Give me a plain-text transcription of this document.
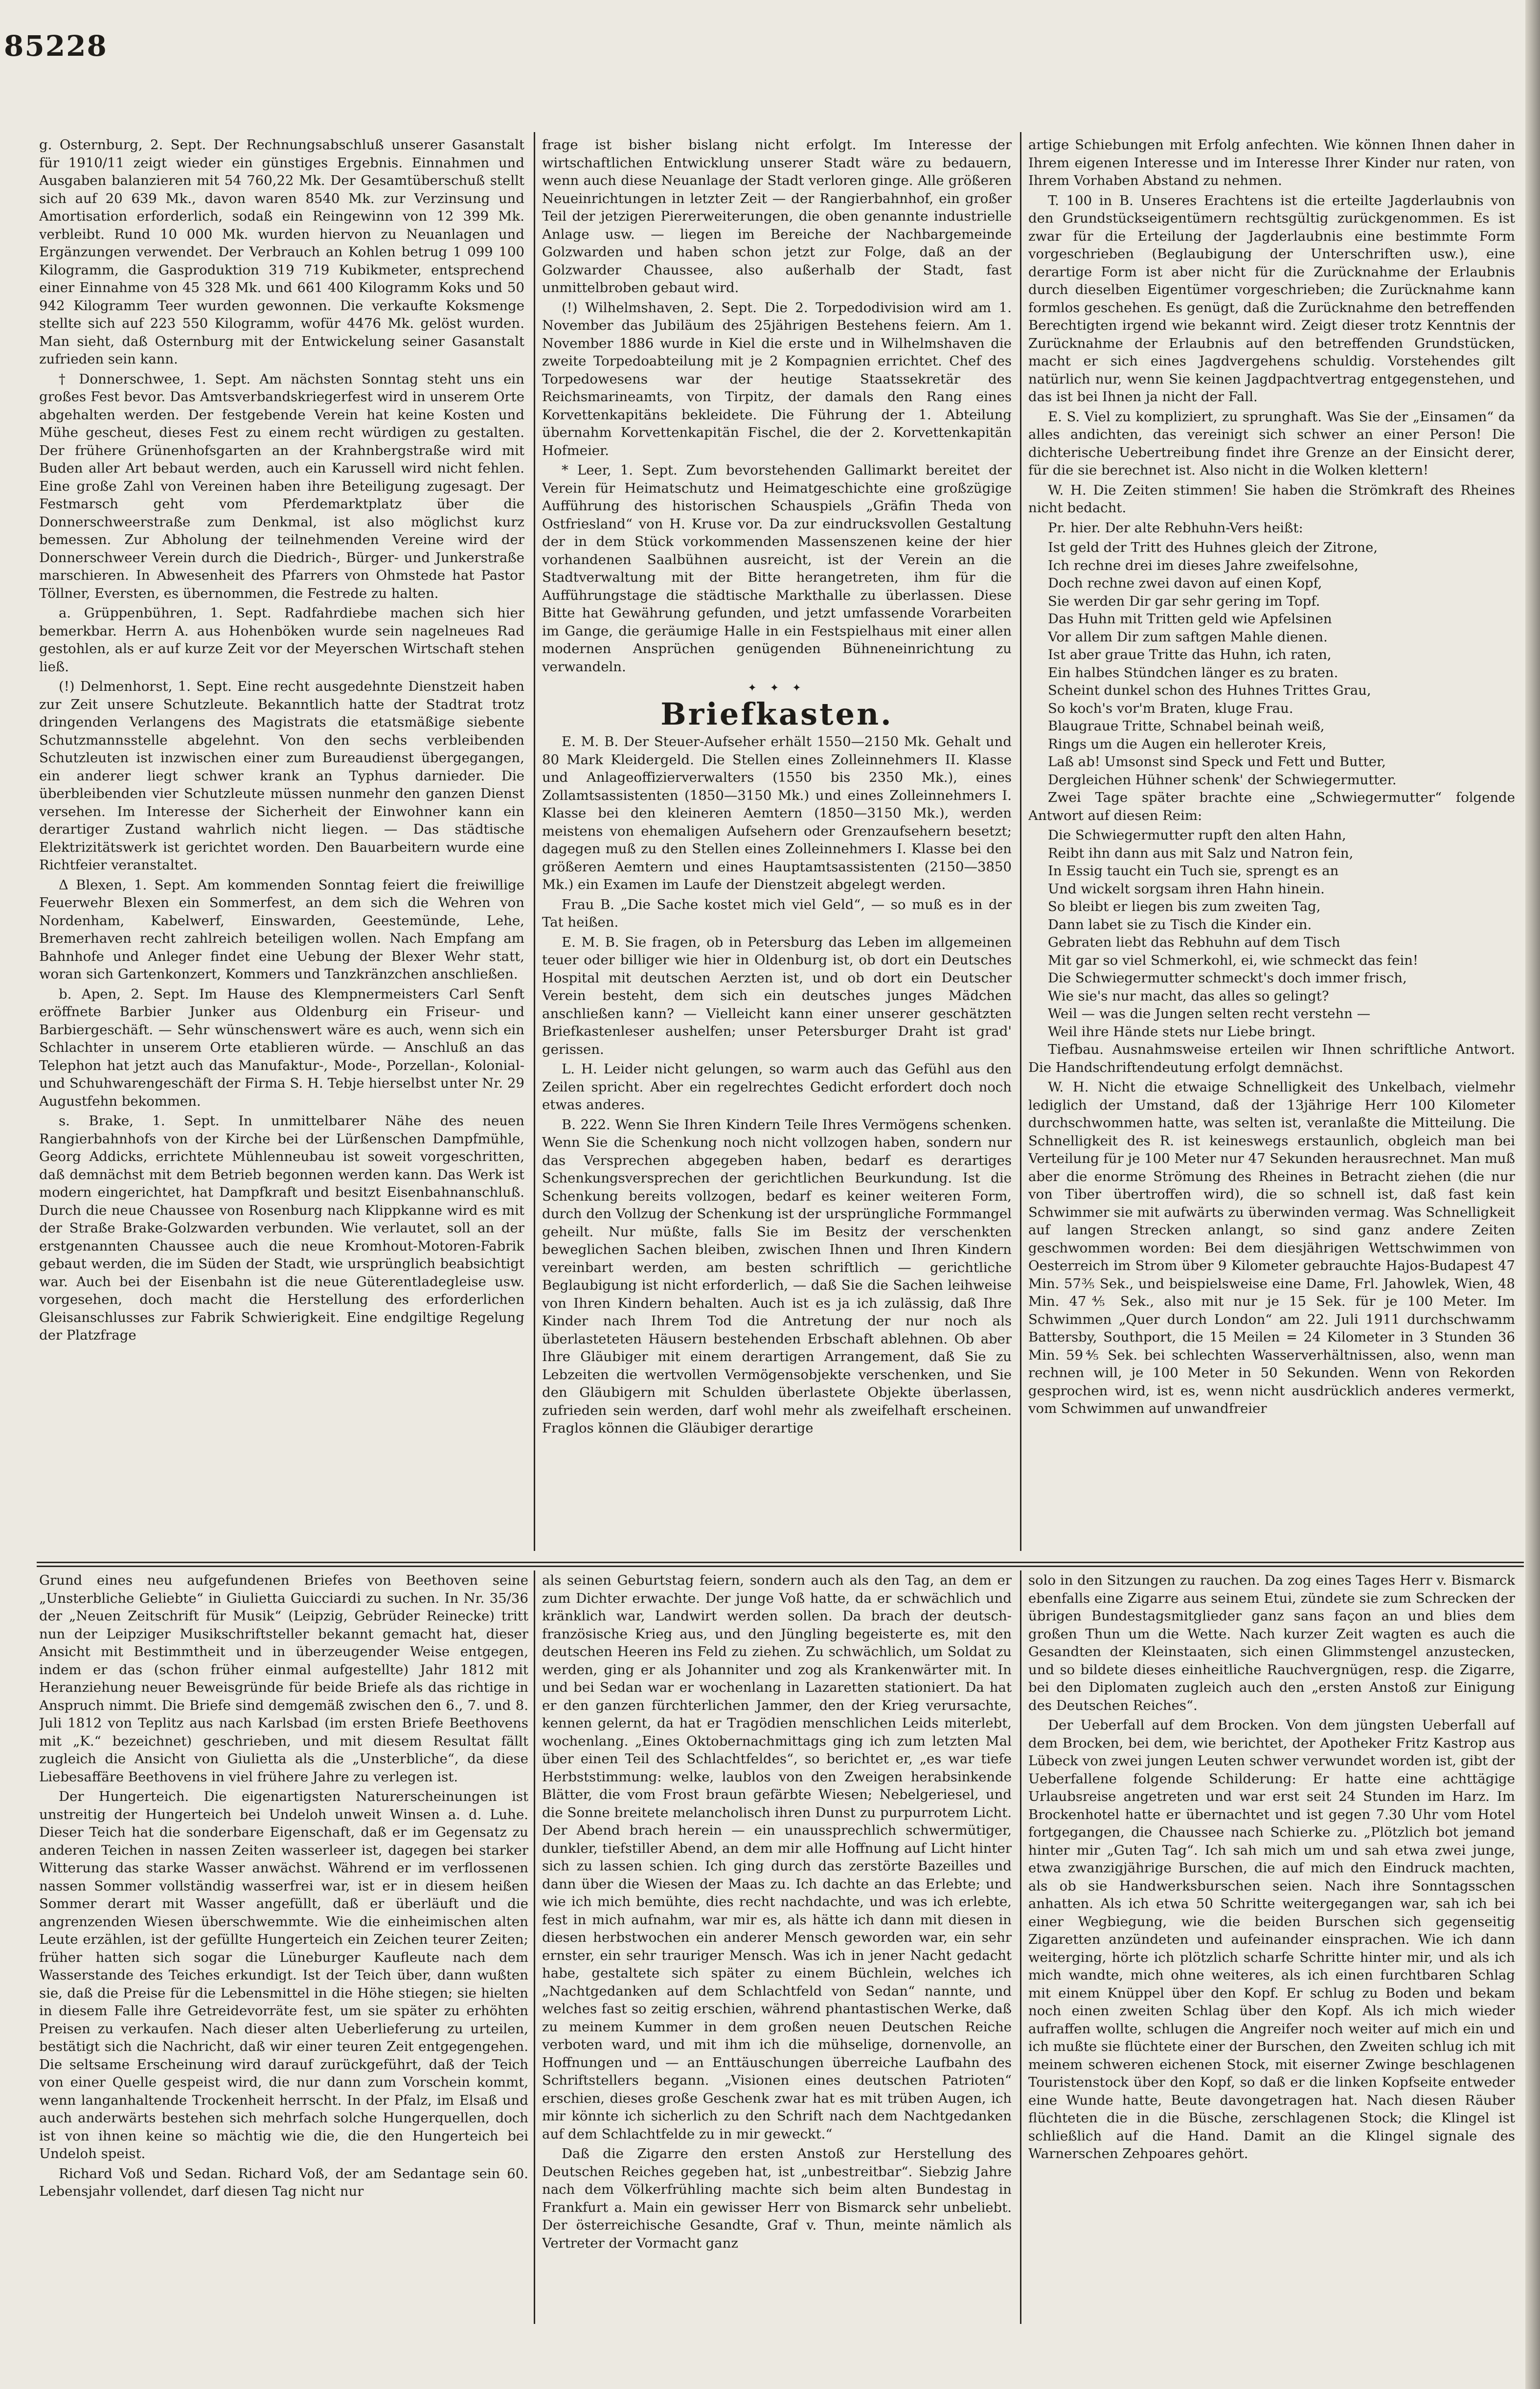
85228

g. Osternburg, 2. Sept. Der Rechnungsabschluß unserer Gasanstalt für 1910/11 zeigt wieder ein günstiges Ergebnis. Einnahmen und Ausgaben balanzieren mit 54 760,22 Mk. Der Gesamtüberschuß stellt sich auf 20 639 Mk., davon waren 8540 Mk. zur Verzinsung und Amortisation erforderlich, sodaß ein Reingewinn von 12 399 Mk. verbleibt. Rund 10 000 Mk. wurden hiervon zu Neuanlagen und Ergänzungen verwendet. Der Verbrauch an Kohlen betrug 1 099 100 Kilogramm, die Gasproduktion 319 719 Kubikmeter, entsprechend einer Einnahme von 45 328 Mk. und 661 400 Kilogramm Koks und 50 942 Kilogramm Teer wurden gewonnen. Die verkaufte Koksmenge stellte sich auf 223 550 Kilogramm, wofür 4476 Mk. gelöst wurden. Man sieht, daß Osternburg mit der Entwickelung seiner Gasanstalt zufrieden sein kann.

† Donnerschwee, 1. Sept. Am nächsten Sonntag steht uns ein großes Fest bevor. Das Amtsverbandskriegerfest wird in unserem Orte abgehalten werden. Der festgebende Verein hat keine Kosten und Mühe gescheut, dieses Fest zu einem recht würdigen zu gestalten. Der frühere Grünenhofsgarten an der Krahnbergstraße wird mit Buden aller Art bebaut werden, auch ein Karussell wird nicht fehlen. Eine große Zahl von Vereinen haben ihre Beteiligung zugesagt. Der Festmarsch geht vom Pferdemarktplatz über die Donnerschweerstraße zum Denkmal, ist also möglichst kurz bemessen. Zur Abholung der teilnehmenden Vereine wird der Donnerschweer Verein durch die Diedrich-, Bürger- und Junkerstraße marschieren. In Abwesenheit des Pfarrers von Ohmstede hat Pastor Töllner, Eversten, es übernommen, die Festrede zu halten.

a. Grüppenbühren, 1. Sept. Radfahrdiebe machen sich hier bemerkbar. Herrn A. aus Hohenböken wurde sein nagelneues Rad gestohlen, als er auf kurze Zeit vor der Meyerschen Wirtschaft stehen ließ.

(!) Delmenhorst, 1. Sept. Eine recht ausgedehnte Dienstzeit haben zur Zeit unsere Schutzleute. Bekanntlich hatte der Stadtrat trotz dringenden Verlangens des Magistrats die etatsmäßige siebente Schutzmannsstelle abgelehnt. Von den sechs verbleibenden Schutzleuten ist inzwischen einer zum Bureaudienst übergegangen, ein anderer liegt schwer krank an Typhus darnieder. Die überbleibenden vier Schutzleute müssen nunmehr den ganzen Dienst versehen. Im Interesse der Sicherheit der Einwohner kann ein derartiger Zustand wahrlich nicht liegen. — Das städtische Elektrizitätswerk ist gerichtet worden. Den Bauarbeitern wurde eine Richtfeier veranstaltet.

Δ Blexen, 1. Sept. Am kommenden Sonntag feiert die freiwillige Feuerwehr Blexen ein Sommerfest, an dem sich die Wehren von Nordenham, Kabelwerf, Einswarden, Geestemünde, Lehe, Bremerhaven recht zahlreich beteiligen wollen. Nach Empfang am Bahnhofe und Anleger findet eine Uebung der Blexer Wehr statt, woran sich Gartenkonzert, Kommers und Tanzkränzchen anschließen.

b. Apen, 2. Sept. Im Hause des Klempnermeisters Carl Senft eröffnete Barbier Junker aus Oldenburg ein Friseur- und Barbiergeschäft. — Sehr wünschenswert wäre es auch, wenn sich ein Schlachter in unserem Orte etablieren würde. — Anschluß an das Telephon hat jetzt auch das Manufaktur-, Mode-, Porzellan-, Kolonial- und Schuhwarengeschäft der Firma S. H. Tebje hierselbst unter Nr. 29 Augustfehn bekommen.

s. Brake, 1. Sept. In unmittelbarer Nähe des neuen Rangierbahnhofs von der Kirche bei der Lürßenschen Dampfmühle, Georg Addicks, errichtete Mühlenneubau ist soweit vorgeschritten, daß demnächst mit dem Betrieb begonnen werden kann. Das Werk ist modern eingerichtet, hat Dampfkraft und besitzt Eisenbahnanschluß. Durch die neue Chaussee von Rosenburg nach Klippkanne wird es mit der Straße Brake-Golzwarden verbunden. Wie verlautet, soll an der erstgenannten Chaussee auch die neue Kromhout-Motoren-Fabrik gebaut werden, die im Süden der Stadt, wie ursprünglich beabsichtigt war. Auch bei der Eisenbahn ist die neue Güterentladegleise usw. vorgesehen, doch macht die Herstellung des erforderlichen Gleisanschlusses zur Fabrik Schwierigkeit. Eine endgiltige Regelung der Platzfrage

frage ist bisher bislang nicht erfolgt. Im Interesse der wirtschaftlichen Entwicklung unserer Stadt wäre zu bedauern, wenn auch diese Neuanlage der Stadt verloren ginge. Alle größeren Neueinrichtungen in letzter Zeit — der Rangierbahnhof, ein großer Teil der jetzigen Piererweiterungen, die oben genannte industrielle Anlage usw. — liegen im Bereiche der Nachbargemeinde Golzwarden und haben schon jetzt zur Folge, daß an der Golzwarder Chaussee, also außerhalb der Stadt, fast unmittelbroben gebaut wird.

(!) Wilhelmshaven, 2. Sept. Die 2. Torpedodivision wird am 1. November das Jubiläum des 25jährigen Bestehens feiern. Am 1. November 1886 wurde in Kiel die erste und in Wilhelmshaven die zweite Torpedoabteilung mit je 2 Kompagnien errichtet. Chef des Torpedowesens war der heutige Staatssekretär des Reichsmarineamts, von Tirpitz, der damals den Rang eines Korvettenkapitäns bekleidete. Die Führung der 1. Abteilung übernahm Korvettenkapitän Fischel, die der 2. Korvettenkapitän Hofmeier.

* Leer, 1. Sept. Zum bevorstehenden Gallimarkt bereitet der Verein für Heimatschutz und Heimatgeschichte eine großzügige Aufführung des historischen Schauspiels „Gräfin Theda von Ostfriesland“ von H. Kruse vor. Da zur eindrucksvollen Gestaltung der in dem Stück vorkommenden Massenszenen keine der hier vorhandenen Saalbühnen ausreicht, ist der Verein an die Stadtverwaltung mit der Bitte herangetreten, ihm für die Aufführungstage die städtische Markthalle zu überlassen. Diese Bitte hat Gewährung gefunden, und jetzt umfassende Vorarbeiten im Gange, die geräumige Halle in ein Festspielhaus mit einer allen modernen Ansprüchen genügenden Bühneneinrichtung zu verwandeln.

✦ ✦ ✦
Briefkasten.

E. M. B. Der Steuer-Aufseher erhält 1550—2150 Mk. Gehalt und 80 Mark Kleidergeld. Die Stellen eines Zolleinnehmers II. Klasse und Anlageoffizierverwalters (1550 bis 2350 Mk.), eines Zollamtsassistenten (1850—3150 Mk.) und eines Zolleinnehmers I. Klasse bei den kleineren Aemtern (1850—3150 Mk.), werden meistens von ehemaligen Aufsehern oder Grenzaufsehern besetzt; dagegen muß zu den Stellen eines Zolleinnehmers I. Klasse bei den größeren Aemtern und eines Hauptamtsassistenten (2150—3850 Mk.) ein Examen im Laufe der Dienstzeit abgelegt werden.

Frau B. „Die Sache kostet mich viel Geld“, — so muß es in der Tat heißen.

E. M. B. Sie fragen, ob in Petersburg das Leben im allgemeinen teuer oder billiger wie hier in Oldenburg ist, ob dort ein Deutsches Hospital mit deutschen Aerzten ist, und ob dort ein Deutscher Verein besteht, dem sich ein deutsches junges Mädchen anschließen kann? — Vielleicht kann einer unserer geschätzten Briefkastenleser aushelfen; unser Petersburger Draht ist grad' gerissen.

L. H. Leider nicht gelungen, so warm auch das Gefühl aus den Zeilen spricht. Aber ein regelrechtes Gedicht erfordert doch noch etwas anderes.

B. 222. Wenn Sie Ihren Kindern Teile Ihres Vermögens schenken. Wenn Sie die Schenkung noch nicht vollzogen haben, sondern nur das Versprechen abgegeben haben, bedarf es derartiges Schenkungsversprechen der gerichtlichen Beurkundung. Ist die Schenkung bereits vollzogen, bedarf es keiner weiteren Form, durch den Vollzug der Schenkung ist der ursprüngliche Formmangel geheilt. Nur müßte, falls Sie im Besitz der verschenkten beweglichen Sachen bleiben, zwischen Ihnen und Ihren Kindern vereinbart werden, am besten schriftlich — gerichtliche Beglaubigung ist nicht erforderlich, — daß Sie die Sachen leihweise von Ihren Kindern behalten. Auch ist es ja ich zulässig, daß Ihre Kinder nach Ihrem Tod die Antretung der nur noch als überlasteteten Häusern bestehenden Erbschaft ablehnen. Ob aber Ihre Gläubiger mit einem derartigen Arrangement, daß Sie zu Lebzeiten die wertvollen Vermögensobjekte verschenken, und Sie den Gläubigern mit Schulden überlastete Objekte überlassen, zufrieden sein werden, darf wohl mehr als zweifelhaft erscheinen. Fraglos können die Gläubiger derartige

artige Schiebungen mit Erfolg anfechten. Wie können Ihnen daher in Ihrem eigenen Interesse und im Interesse Ihrer Kinder nur raten, von Ihrem Vorhaben Abstand zu nehmen.

T. 100 in B. Unseres Erachtens ist die erteilte Jagderlaubnis von den Grundstückseigentümern rechtsgültig zurückgenommen. Es ist zwar für die Erteilung der Jagderlaubnis eine bestimmte Form vorgeschrieben (Beglaubigung der Unterschriften usw.), eine derartige Form ist aber nicht für die Zurücknahme der Erlaubnis durch dieselben Eigentümer vorgeschrieben; die Zurücknahme kann formlos geschehen. Es genügt, daß die Zurücknahme den betreffenden Berechtigten irgend wie bekannt wird. Zeigt dieser trotz Kenntnis der Zurücknahme der Erlaubnis auf den betreffenden Grundstücken, macht er sich eines Jagdvergehens schuldig. Vorstehendes gilt natürlich nur, wenn Sie keinen Jagdpachtvertrag entgegenstehen, und das ist bei Ihnen ja nicht der Fall.

E. S. Viel zu kompliziert, zu sprunghaft. Was Sie der „Einsamen“ da alles andichten, das vereinigt sich schwer an einer Person! Die dichterische Uebertreibung findet ihre Grenze an der Einsicht derer, für die sie berechnet ist. Also nicht in die Wolken klettern!

W. H. Die Zeiten stimmen! Sie haben die Strömkraft des Rheines nicht bedacht.

Pr. hier. Der alte Rebhuhn-Vers heißt:

Ist geld der Tritt des Huhnes gleich der Zitrone,

Ich rechne drei im dieses Jahre zweifelsohne,

Doch rechne zwei davon auf einen Kopf,

Sie werden Dir gar sehr gering im Topf.

Das Huhn mit Tritten geld wie Apfelsinen

Vor allem Dir zum saftgen Mahle dienen.

Ist aber graue Tritte das Huhn, ich raten,

Ein halbes Stündchen länger es zu braten.

Scheint dunkel schon des Huhnes Trittes Grau,

So koch's vor'm Braten, kluge Frau.

Blaugraue Tritte, Schnabel beinah weiß,

Rings um die Augen ein helleroter Kreis,

Laß ab! Umsonst sind Speck und Fett und Butter,

Dergleichen Hühner schenk' der Schwiegermutter.

Zwei Tage später brachte eine „Schwiegermutter“ folgende Antwort auf diesen Reim:

Die Schwiegermutter rupft den alten Hahn,

Reibt ihn dann aus mit Salz und Natron fein,

In Essig taucht ein Tuch sie, sprengt es an

Und wickelt sorgsam ihren Hahn hinein.

So bleibt er liegen bis zum zweiten Tag,

Dann labet sie zu Tisch die Kinder ein.

Gebraten liebt das Rebhuhn auf dem Tisch

Mit gar so viel Schmerkohl, ei, wie schmeckt das fein!

Die Schwiegermutter schmeckt's doch immer frisch,

Wie sie's nur macht, das alles so gelingt?

Weil — was die Jungen selten recht verstehn —

Weil ihre Hände stets nur Liebe bringt.

Tiefbau. Ausnahmsweise erteilen wir Ihnen schriftliche Antwort. Die Handschriftendeutung erfolgt demnächst.

W. H. Nicht die etwaige Schnelligkeit des Unkelbach, vielmehr lediglich der Umstand, daß der 13jährige Herr 100 Kilometer durchschwommen hatte, was selten ist, veranlaßte die Mitteilung. Die Schnelligkeit des R. ist keineswegs erstaunlich, obgleich man bei Verteilung für je 100 Meter nur 47 Sekunden herausrechnet. Man muß aber die enorme Strömung des Rheines in Betracht ziehen (die nur von Tiber übertroffen wird), die so schnell ist, daß fast kein Schwimmer sie mit aufwärts zu überwinden vermag. Was Schnelligkeit auf langen Strecken anlangt, so sind ganz andere Zeiten geschwommen worden: Bei dem diesjährigen Wettschwimmen von Oesterreich im Strom über 9 Kilometer gebrauchte Hajos-Budapest 47 Min. 57⅗ Sek., und beispielsweise eine Dame, Frl. Jahowlek, Wien, 48 Min. 47⅘ Sek., also mit nur je 15 Sek. für je 100 Meter. Im Schwimmen „Quer durch London“ am 22. Juli 1911 durchschwamm Battersby, Southport, die 15 Meilen = 24 Kilometer in 3 Stunden 36 Min. 59⅘ Sek. bei schlechten Wasserverhältnissen, also, wenn man rechnen will, je 100 Meter in 50 Sekunden. Wenn von Rekorden gesprochen wird, ist es, wenn nicht ausdrücklich anderes vermerkt, vom Schwimmen auf unwandfreier

Grund eines neu aufgefundenen Briefes von Beethoven seine „Unsterbliche Geliebte“ in Giulietta Guicciardi zu suchen. In Nr. 35/36 der „Neuen Zeitschrift für Musik“ (Leipzig, Gebrüder Reinecke) tritt nun der Leipziger Musikschriftsteller bekannt gemacht hat, dieser Ansicht mit Bestimmtheit und in überzeugender Weise entgegen, indem er das (schon früher einmal aufgestellte) Jahr 1812 mit Heranziehung neuer Beweisgründe für beide Briefe als das richtige in Anspruch nimmt. Die Briefe sind demgemäß zwischen den 6., 7. und 8. Juli 1812 von Teplitz aus nach Karlsbad (im ersten Briefe Beethovens mit „K.“ bezeichnet) geschrieben, und mit diesem Resultat fällt zugleich die Ansicht von Giulietta als die „Unsterbliche“, da diese Liebesaffäre Beethovens in viel frühere Jahre zu verlegen ist.

Der Hungerteich. Die eigenartigsten Naturerscheinungen ist unstreitig der Hungerteich bei Undeloh unweit Winsen a. d. Luhe. Dieser Teich hat die sonderbare Eigenschaft, daß er im Gegensatz zu anderen Teichen in nassen Zeiten wasserleer ist, dagegen bei starker Witterung das starke Wasser anwächst. Während er im verflossenen nassen Sommer vollständig wasserfrei war, ist er in diesem heißen Sommer derart mit Wasser angefüllt, daß er überläuft und die angrenzenden Wiesen überschwemmte. Wie die einheimischen alten Leute erzählen, ist der gefüllte Hungerteich ein Zeichen teurer Zeiten; früher hatten sich sogar die Lüneburger Kaufleute nach dem Wasserstande des Teiches erkundigt. Ist der Teich über, dann wußten sie, daß die Preise für die Lebensmittel in die Höhe stiegen; sie hielten in diesem Falle ihre Getreidevorräte fest, um sie später zu erhöhten Preisen zu verkaufen. Nach dieser alten Ueberlieferung zu urteilen, bestätigt sich die Nachricht, daß wir einer teuren Zeit entgegengehen. Die seltsame Erscheinung wird darauf zurückgeführt, daß der Teich von einer Quelle gespeist wird, die nur dann zum Vorschein kommt, wenn langanhaltende Trockenheit herrscht. In der Pfalz, im Elsaß und auch anderwärts bestehen sich mehrfach solche Hungerquellen, doch ist von ihnen keine so mächtig wie die, die den Hungerteich bei Undeloh speist.

Richard Voß und Sedan. Richard Voß, der am Sedantage sein 60. Lebensjahr vollendet, darf diesen Tag nicht nur

als seinen Geburtstag feiern, sondern auch als den Tag, an dem er zum Dichter erwachte. Der junge Voß hatte, da er schwächlich und kränklich war, Landwirt werden sollen. Da brach der deutsch-französische Krieg aus, und den Jüngling begeisterte es, mit den deutschen Heeren ins Feld zu ziehen. Zu schwächlich, um Soldat zu werden, ging er als Johanniter und zog als Krankenwärter mit. In und bei Sedan war er wochenlang in Lazaretten stationiert. Da hat er den ganzen fürchterlichen Jammer, den der Krieg verursachte, kennen gelernt, da hat er Tragödien menschlichen Leids miterlebt, wochenlang. „Eines Oktobernachmittags ging ich zum letzten Mal über einen Teil des Schlachtfeldes“, so berichtet er, „es war tiefe Herbststimmung: welke, laublos von den Zweigen herabsinkende Blätter, die vom Frost braun gefärbte Wiesen; Nebelgeriesel, und die Sonne breitete melancholisch ihren Dunst zu purpurrotem Licht. Der Abend brach herein — ein unaussprechlich schwermütiger, dunkler, tiefstiller Abend, an dem mir alle Hoffnung auf Licht hinter sich zu lassen schien. Ich ging durch das zerstörte Bazeilles und dann über die Wiesen der Maas zu. Ich dachte an das Erlebte; und wie ich mich bemühte, dies recht nachdachte, und was ich erlebte, fest in mich aufnahm, war mir es, als hätte ich dann mit diesen in diesen herbstwochen ein anderer Mensch geworden war, ein sehr ernster, ein sehr trauriger Mensch. Was ich in jener Nacht gedacht habe, gestaltete sich später zu einem Büchlein, welches ich „Nachtgedanken auf dem Schlachtfeld von Sedan“ nannte, und welches fast so zeitig erschien, während phantastischen Werke, daß zu meinem Kummer in dem großen neuen Deutschen Reiche verboten ward, und mit ihm ich die mühselige, dornenvolle, an Hoffnungen und — an Enttäuschungen überreiche Laufbahn des Schriftstellers begann. „Visionen eines deutschen Patrioten“ erschien, dieses große Geschenk zwar hat es mit trüben Augen, ich mir könnte ich sicherlich zu den Schrift nach dem Nachtgedanken auf dem Schlachtfelde zu in mir geweckt.“

Daß die Zigarre den ersten Anstoß zur Herstellung des Deutschen Reiches gegeben hat, ist „unbestreitbar“. Siebzig Jahre nach dem Völkerfrühling machte sich beim alten Bundestag in Frankfurt a. Main ein gewisser Herr von Bismarck sehr unbeliebt. Der österreichische Gesandte, Graf v. Thun, meinte nämlich als Vertreter der Vormacht ganz

solo in den Sitzungen zu rauchen. Da zog eines Tages Herr v. Bismarck ebenfalls eine Zigarre aus seinem Etui, zündete sie zum Schrecken der übrigen Bundestagsmitglieder ganz sans façon an und blies dem großen Thun um die Wette. Nach kurzer Zeit wagten es auch die Gesandten der Kleinstaaten, sich einen Glimmstengel anzustecken, und so bildete dieses einheitliche Rauchvergnügen, resp. die Zigarre, bei den Diplomaten zugleich auch den „ersten Anstoß zur Einigung des Deutschen Reiches“.

Der Ueberfall auf dem Brocken. Von dem jüngsten Ueberfall auf dem Brocken, bei dem, wie berichtet, der Apotheker Fritz Kastrop aus Lübeck von zwei jungen Leuten schwer verwundet worden ist, gibt der Ueberfallene folgende Schilderung: Er hatte eine achttägige Urlaubsreise angetreten und war erst seit 24 Stunden im Harz. Im Brockenhotel hatte er übernachtet und ist gegen 7.30 Uhr vom Hotel fortgegangen, die Chaussee nach Schierke zu. „Plötzlich bot jemand hinter mir „Guten Tag“. Ich sah mich um und sah etwa zwei junge, etwa zwanzigjährige Burschen, die auf mich den Eindruck machten, als ob sie Handwerksburschen seien. Nach ihre Sonntagsschen anhatten. Als ich etwa 50 Schritte weitergegangen war, sah ich bei einer Wegbiegung, wie die beiden Burschen sich gegenseitig Zigaretten anzündeten und aufeinander einsprachen. Wie ich dann weiterging, hörte ich plötzlich scharfe Schritte hinter mir, und als ich mich wandte, mich ohne weiteres, als ich einen furchtbaren Schlag mit einem Knüppel über den Kopf. Er schlug zu Boden und bekam noch einen zweiten Schlag über den Kopf. Als ich mich wieder aufraffen wollte, schlugen die Angreifer noch weiter auf mich ein und ich mußte sie flüchtete einer der Burschen, den Zweiten schlug ich mit meinem schweren eichenen Stock, mit eiserner Zwinge beschlagenen Touristenstock über den Kopf, so daß er die linken Kopfseite entweder eine Wunde hatte, Beute davongetragen hat. Nach diesen Räuber flüchteten die in die Büsche, zerschlagenen Stock; die Klingel ist schließlich auf die Hand. Damit an die Klingel signale des Warnerschen Zehpoares gehört.
